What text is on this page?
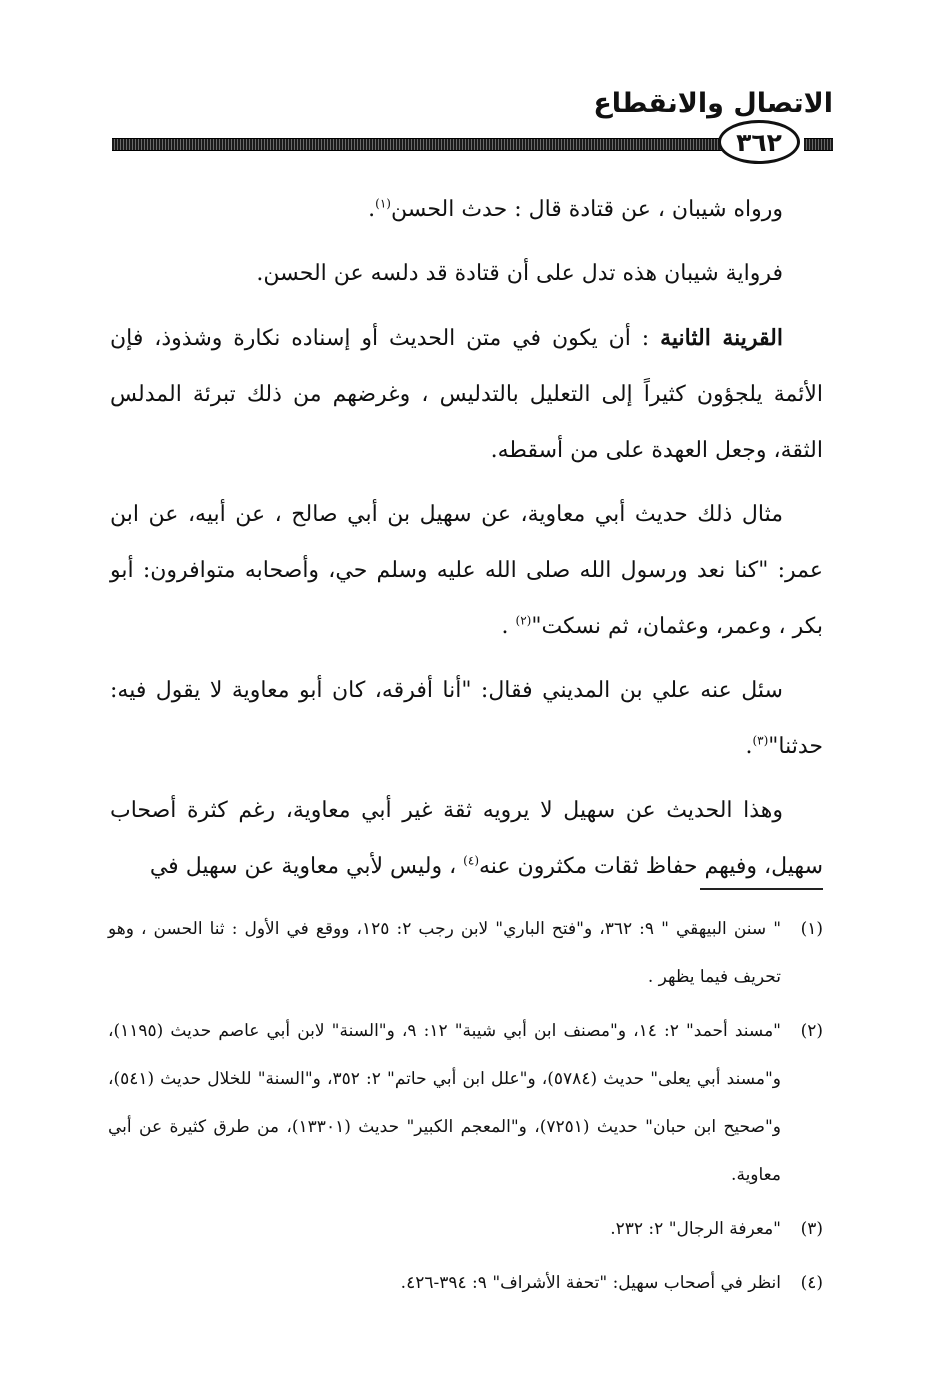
الاتصال والانقطاع
٣٦٢

ورواه شيبان ، عن قتادة قال : حدث الحسن$^{(١)}$.

فرواية شيبان هذه تدل على أن قتادة قد دلسه عن الحسن.

القرينة الثانية : أن يكون في متن الحديث أو إسناده نكارة وشذوذ، فإن الأئمة يلجؤون كثيراً إلى التعليل بالتدليس ، وغرضهم من ذلك تبرئة المدلس الثقة، وجعل العهدة على من أسقطه.

مثال ذلك حديث أبي معاوية، عن سهيل بن أبي صالح ، عن أبيه، عن ابن عمر: "كنا نعد ورسول الله صلى الله عليه وسلم حي، وأصحابه متوافرون: أبو بكر ، وعمر، وعثمان، ثم نسكت"$^{(٢)}$ .

سئل عنه علي بن المديني فقال: "أنا أفرقه، كان أبو معاوية لا يقول فيه: حدثنا"$^{(٣)}$.

وهذا الحديث عن سهيل لا يرويه ثقة غير أبي معاوية، رغم كثرة أصحاب سهيل، وفيهم حفاظ ثقات مكثرون عنه$^{(٤)}$ ، وليس لأبي معاوية عن سهيل في

(١)
" سنن البيهقي " ٩: ٣٦٢، و"فتح الباري" لابن رجب ٢: ١٢٥، ووقع في الأول : ثنا الحسن ، وهو تحريف فيما يظهر .
(٢)
"مسند أحمد" ٢: ١٤، و"مصنف ابن أبي شيبة" ١٢: ٩، و"السنة" لابن أبي عاصم حديث (١١٩٥)، و"مسند أبي يعلى" حديث (٥٧٨٤)، و"علل ابن أبي حاتم" ٢: ٣٥٢، و"السنة" للخلال حديث (٥٤١)، و"صحيح ابن حبان" حديث (٧٢٥١)، و"المعجم الكبير" حديث (١٣٣٠١)، من طرق كثيرة عن أبي معاوية.
(٣)
"معرفة الرجال" ٢: ٢٣٢.
(٤)
انظر في أصحاب سهيل: "تحفة الأشراف" ٩: ٣٩٤-٤٢٦.
